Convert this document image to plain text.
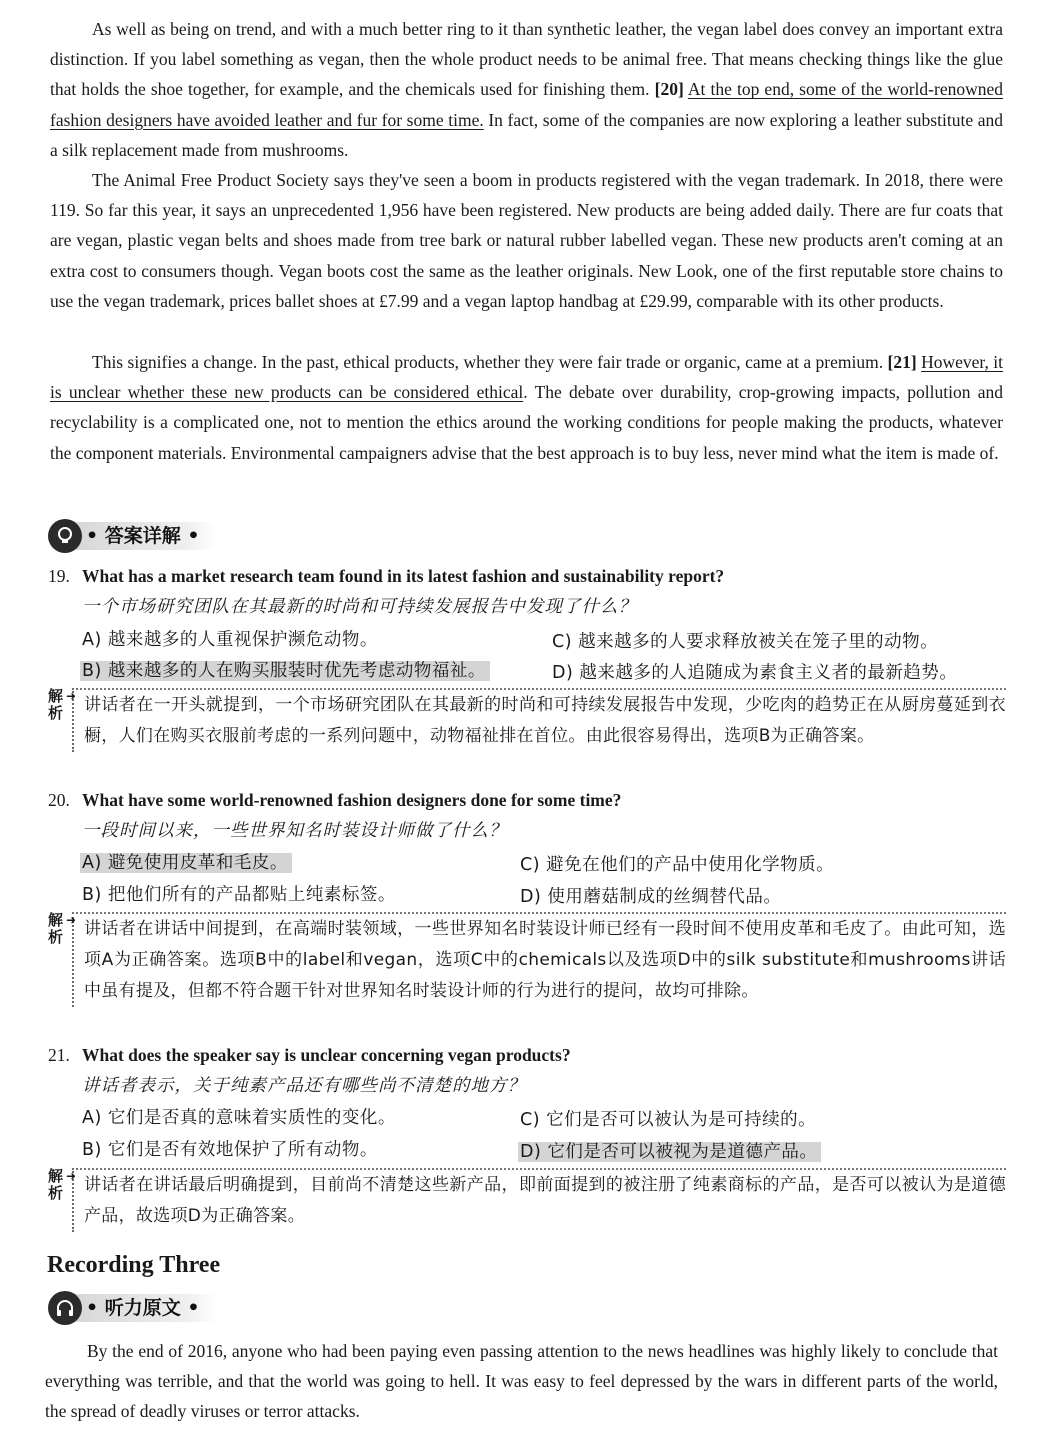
As well as being on trend, and with a much better ring to it than synthetic leather, the vegan label does convey an important extra distinction. If you label something as vegan, then the whole product needs to be animal free. That means checking things like the glue that holds the shoe together, for example, and the chemicals used for finishing them. [20] At the top end, some of the world-renowned fashion designers have avoided leather and fur for some time. In fact, some of the companies are now exploring a leather substitute and a silk replacement made from mushrooms.

The Animal Free Product Society says they've seen a boom in products registered with the vegan trademark. In 2018, there were 119. So far this year, it says an unprecedented 1,956 have been registered. New products are being added daily. There are fur coats that are vegan, plastic vegan belts and shoes made from tree bark or natural rubber labelled vegan. These new products aren't coming at an extra cost to consumers though. Vegan boots cost the same as the leather originals. New Look, one of the first reputable store chains to use the vegan trademark, prices ballet shoes at £7.99 and a vegan laptop handbag at £29.99, comparable with its other products.

This signifies a change. In the past, ethical products, whether they were fair trade or organic, came at a premium. [21] However, it is unclear whether these new products can be considered ethical. The debate over durability, crop-growing impacts, pollution and recyclability is a complicated one, not to mention the ethics around the working conditions for people making the products, whatever the component materials. Environmental campaigners advise that the best approach is to buy less, never mind what the item is made of.

• 答案详解 •
19. What has a market research team found in its latest fashion and sustainability report?
一个市场研究团队在其最新的时尚和可持续发展报告中发现了什么？
A) 越来越多的人重视保护濒危动物。	C) 越来越多的人要求释放被关在笼子里的动物。
B) 越来越多的人在购买服装时优先考虑动物福祉。	D) 越来越多的人追随成为素食主义者的最新趋势。
解析
➜ 讲话者在一开头就提到，一个市场研究团队在其最新的时尚和可持续发展报告中发现，少吃肉的趋势正在从厨房蔓延到衣橱，人们在购买衣服前考虑的一系列问题中，动物福祉排在首位。由此很容易得出，选项B为正确答案。
20. What have some world-renowned fashion designers done for some time?
一段时间以来，一些世界知名时装设计师做了什么？
A) 避免使用皮革和毛皮。	C) 避免在他们的产品中使用化学物质。
B) 把他们所有的产品都贴上纯素标签。	D) 使用蘑菇制成的丝绸替代品。
解析
➜ 讲话者在讲话中间提到，在高端时装领域，一些世界知名时装设计师已经有一段时间不使用皮革和毛皮了。由此可知，选项A为正确答案。选项B中的label和vegan，选项C中的chemicals以及选项D中的silk substitute和mushrooms讲话中虽有提及，但都不符合题干针对世界知名时装设计师的行为进行的提问，故均可排除。
21. What does the speaker say is unclear concerning vegan products?
讲话者表示，关于纯素产品还有哪些尚不清楚的地方？
A) 它们是否真的意味着实质性的变化。	C) 它们是否可以被认为是可持续的。
B) 它们是否有效地保护了所有动物。	D) 它们是否可以被视为是道德产品。
解析
➜ 讲话者在讲话最后明确提到，目前尚不清楚这些新产品，即前面提到的被注册了纯素商标的产品，是否可以被认为是道德产品，故选项D为正确答案。
Recording Three
• 听力原文 •

By the end of 2016, anyone who had been paying even passing attention to the news headlines was highly likely to conclude that everything was terrible, and that the world was going to hell. It was easy to feel depressed by the wars in different parts of the world, the spread of deadly viruses or terror attacks.
